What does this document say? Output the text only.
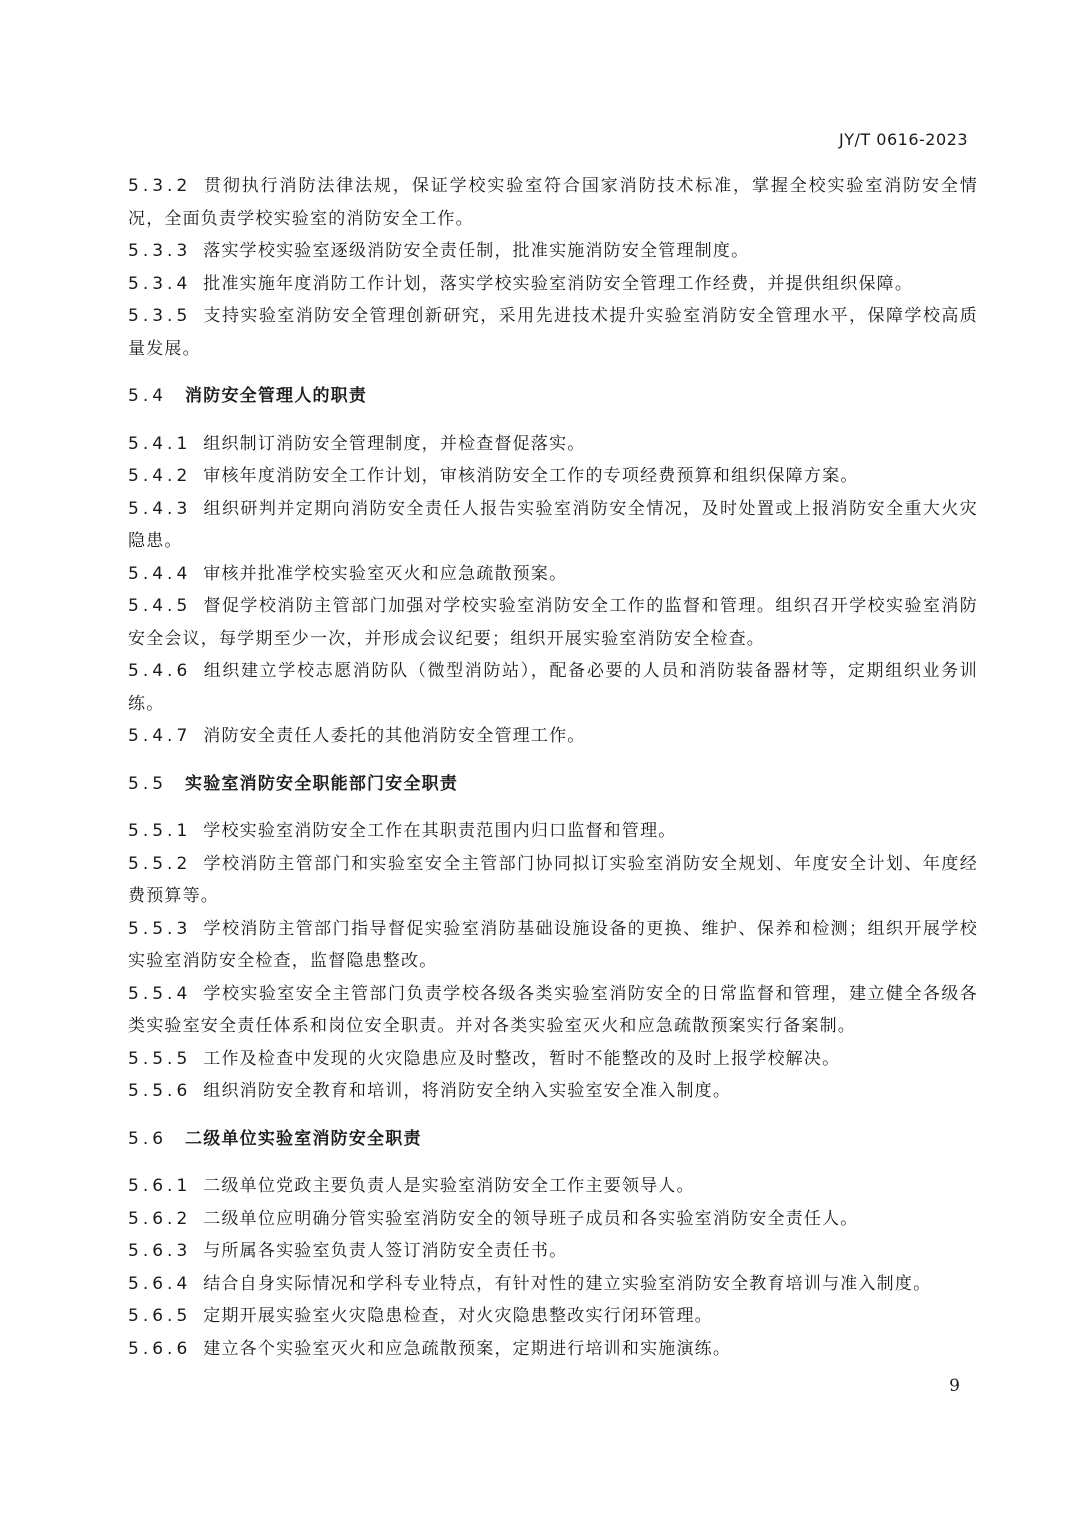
JY/T 0616-2023

5.3.2 贯彻执行消防法律法规，保证学校实验室符合国家消防技术标准，掌握全校实验室消防安全情况，全面负责学校实验室的消防安全工作。

5.3.3 落实学校实验室逐级消防安全责任制，批准实施消防安全管理制度。

5.3.4 批准实施年度消防工作计划，落实学校实验室消防安全管理工作经费，并提供组织保障。

5.3.5 支持实验室消防安全管理创新研究，采用先进技术提升实验室消防安全管理水平，保障学校高质量发展。

5.4 消防安全管理人的职责

5.4.1 组织制订消防安全管理制度，并检查督促落实。

5.4.2 审核年度消防安全工作计划，审核消防安全工作的专项经费预算和组织保障方案。

5.4.3 组织研判并定期向消防安全责任人报告实验室消防安全情况，及时处置或上报消防安全重大火灾隐患。

5.4.4 审核并批准学校实验室灭火和应急疏散预案。

5.4.5 督促学校消防主管部门加强对学校实验室消防安全工作的监督和管理。组织召开学校实验室消防安全会议，每学期至少一次，并形成会议纪要；组织开展实验室消防安全检查。

5.4.6 组织建立学校志愿消防队（微型消防站），配备必要的人员和消防装备器材等，定期组织业务训练。

5.4.7 消防安全责任人委托的其他消防安全管理工作。

5.5 实验室消防安全职能部门安全职责

5.5.1 学校实验室消防安全工作在其职责范围内归口监督和管理。

5.5.2 学校消防主管部门和实验室安全主管部门协同拟订实验室消防安全规划、年度安全计划、年度经费预算等。

5.5.3 学校消防主管部门指导督促实验室消防基础设施设备的更换、维护、保养和检测；组织开展学校实验室消防安全检查，监督隐患整改。

5.5.4 学校实验室安全主管部门负责学校各级各类实验室消防安全的日常监督和管理，建立健全各级各类实验室安全责任体系和岗位安全职责。并对各类实验室灭火和应急疏散预案实行备案制。

5.5.5 工作及检查中发现的火灾隐患应及时整改，暂时不能整改的及时上报学校解决。

5.5.6 组织消防安全教育和培训，将消防安全纳入实验室安全准入制度。

5.6 二级单位实验室消防安全职责

5.6.1 二级单位党政主要负责人是实验室消防安全工作主要领导人。

5.6.2 二级单位应明确分管实验室消防安全的领导班子成员和各实验室消防安全责任人。

5.6.3 与所属各实验室负责人签订消防安全责任书。

5.6.4 结合自身实际情况和学科专业特点，有针对性的建立实验室消防安全教育培训与准入制度。

5.6.5 定期开展实验室火灾隐患检查，对火灾隐患整改实行闭环管理。

5.6.6 建立各个实验室灭火和应急疏散预案，定期进行培训和实施演练。

9
